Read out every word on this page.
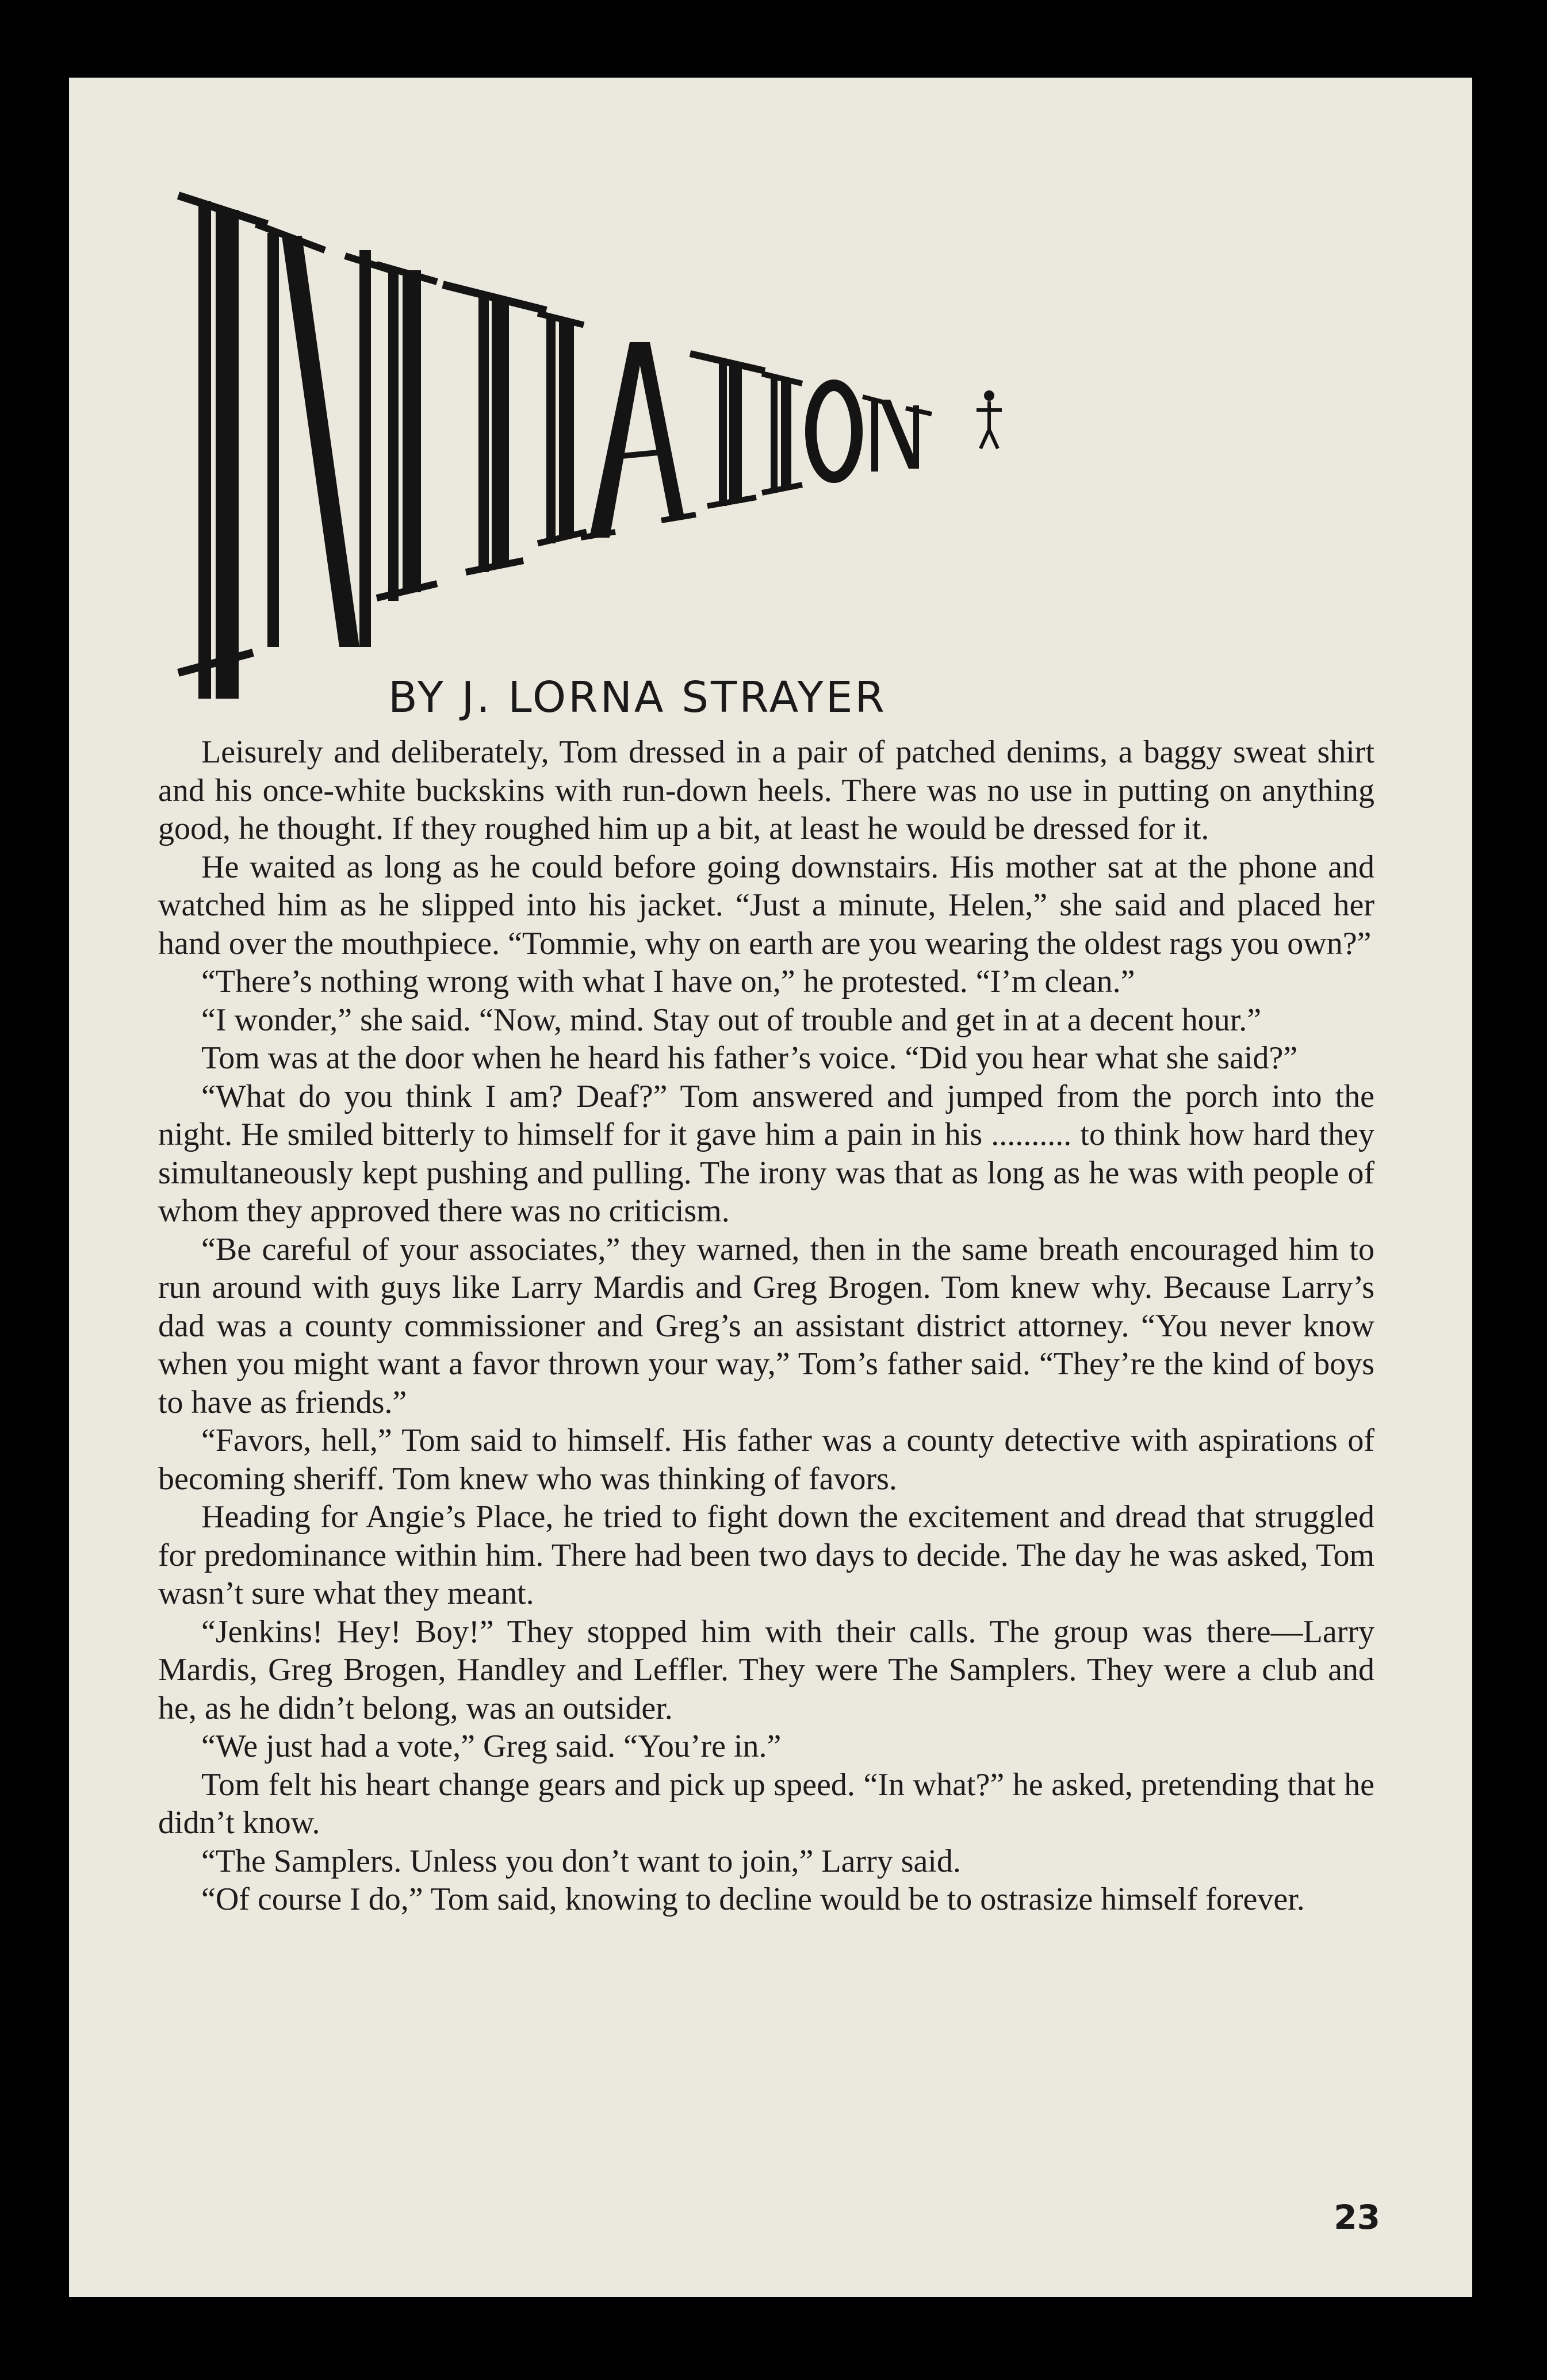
BY J. LORNA STRAYER

Leisurely and deliberately, Tom dressed in a pair of patched denims, a baggy sweat shirt and his once-white buckskins with run-down heels. There was no use in putting on anything good, he thought. If they roughed him up a bit, at least he would be dressed for it.

He waited as long as he could before going downstairs. His mother sat at the phone and watched him as he slipped into his jacket. “Just a minute, Helen,” she said and placed her hand over the mouthpiece. “Tommie, why on earth are you wearing the oldest rags you own?”

“There’s nothing wrong with what I have on,” he protested. “I’m clean.”

“I wonder,” she said. “Now, mind. Stay out of trouble and get in at a decent hour.”

Tom was at the door when he heard his father’s voice. “Did you hear what she said?”

“What do you think I am? Deaf?” Tom answered and jumped from the porch into the night. He smiled bitterly to himself for it gave him a pain in his .......... to think how hard they simultaneously kept pushing and pulling. The irony was that as long as he was with people of whom they approved there was no criticism.

“Be careful of your associates,” they warned, then in the same breath encouraged him to run around with guys like Larry Mardis and Greg Brogen. Tom knew why. Because Larry’s dad was a county commissioner and Greg’s an assistant district attorney. “You never know when you might want a favor thrown your way,” Tom’s father said. “They’re the kind of boys to have as friends.”

“Favors, hell,” Tom said to himself. His father was a county detective with aspirations of becoming sheriff. Tom knew who was thinking of favors.

Heading for Angie’s Place, he tried to fight down the excitement and dread that struggled for predominance within him. There had been two days to decide. The day he was asked, Tom wasn’t sure what they meant.

“Jenkins! Hey! Boy!” They stopped him with their calls. The group was there—Larry Mardis, Greg Brogen, Handley and Leffler. They were The Samplers. They were a club and he, as he didn’t belong, was an outsider.

“We just had a vote,” Greg said. “You’re in.”

Tom felt his heart change gears and pick up speed. “In what?” he asked, pretending that he didn’t know.

“The Samplers. Unless you don’t want to join,” Larry said.

“Of course I do,” Tom said, knowing to decline would be to ostrasize himself forever.

23
